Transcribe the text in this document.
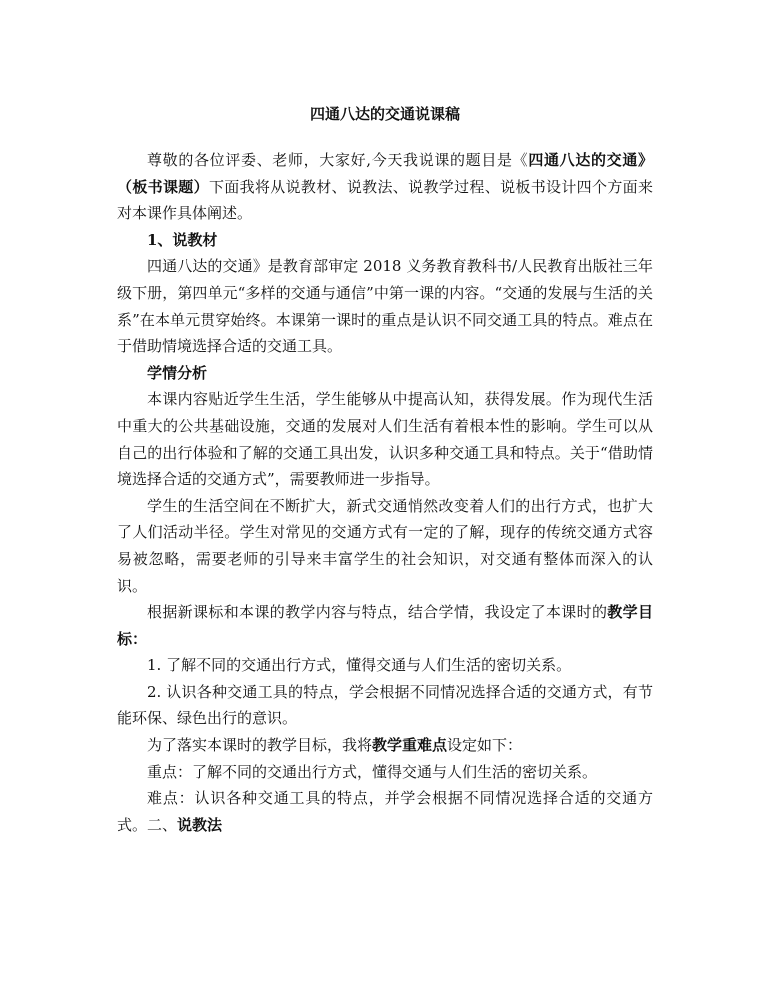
四通八达的交通说课稿

尊敬的各位评委、老师，大家好,今天我说课的题目是《四通八达的交通》（板书课题）下面我将从说教材、说教法、说教学过程、说板书设计四个方面来对本课作具体阐述。

1、说教材

四通八达的交通》是教育部审定 2018 义务教育教科书/人民教育出版社三年级下册，第四单元“多样的交通与通信”中第一课的内容。“交通的发展与生活的关系”在本单元贯穿始终。本课第一课时的重点是认识不同交通工具的特点。难点在于借助情境选择合适的交通工具。

学情分析

本课内容贴近学生生活，学生能够从中提高认知，获得发展。作为现代生活中重大的公共基础设施，交通的发展对人们生活有着根本性的影响。学生可以从自己的出行体验和了解的交通工具出发，认识多种交通工具和特点。关于“借助情境选择合适的交通方式”，需要教师进一步指导。

学生的生活空间在不断扩大，新式交通悄然改变着人们的出行方式，也扩大了人们活动半径。学生对常见的交通方式有一定的了解，现存的传统交通方式容易被忽略，需要老师的引导来丰富学生的社会知识，对交通有整体而深入的认识。

根据新课标和本课的教学内容与特点，结合学情，我设定了本课时的教学目标：

1. 了解不同的交通出行方式，懂得交通与人们生活的密切关系。

2. 认识各种交通工具的特点，学会根据不同情况选择合适的交通方式，有节能环保、绿色出行的意识。

为了落实本课时的教学目标，我将教学重难点设定如下：

重点：了解不同的交通出行方式，懂得交通与人们生活的密切关系。

难点：认识各种交通工具的特点，并学会根据不同情况选择合适的交通方式。二、说教法
